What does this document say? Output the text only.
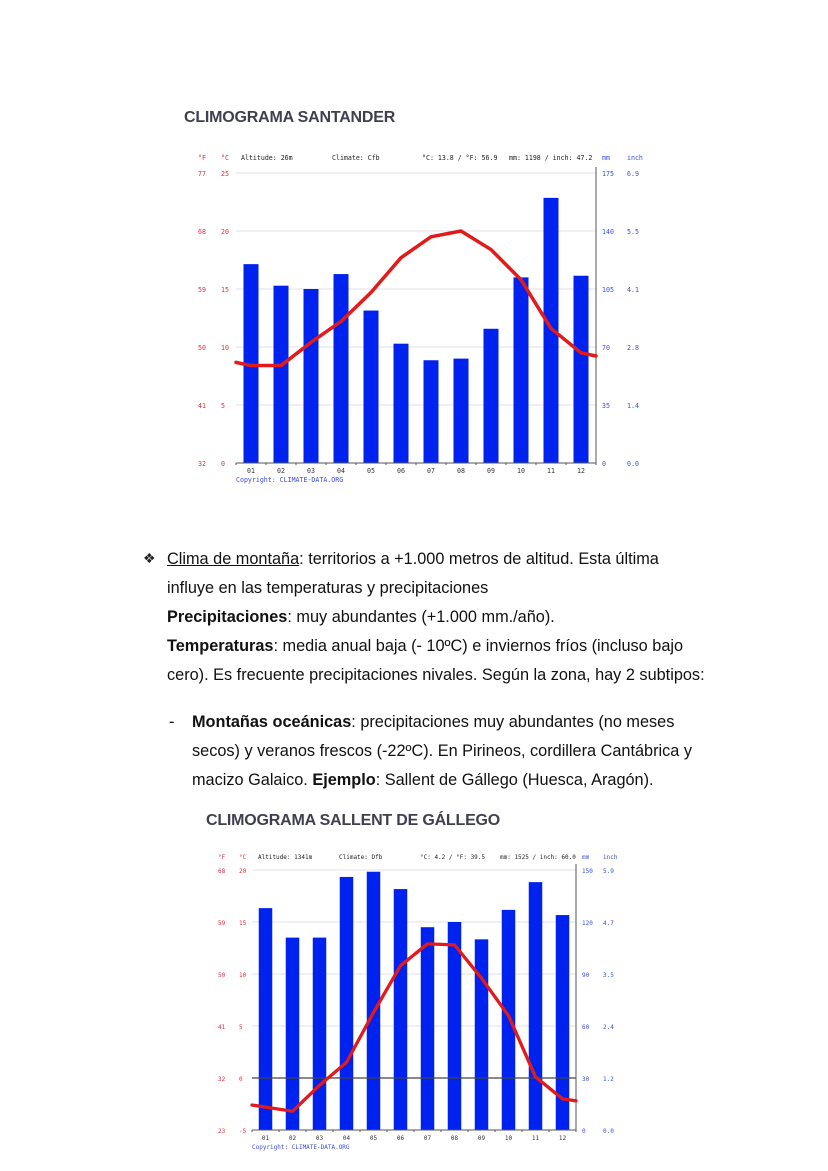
CLIMOGRAMA SANTANDER
°F °C Altitude: 26m	Climate: Cfb	°C: 13.8 / °F: 56.9 mm: 1198 / inch: 47.2 mm	inch
32 0
41 5
50 10
59 15
68 20
77 25
0	0.0
35	1.4
70	2.8
105 4.1
140 5.5
175 6.9
01	02	03	04	05	06	07	08	09	10	11	12
Copyright: CLIMATE-DATA.ORG
❖ Clima de montaña: territorios a +1.000 metros de altitud. Esta última
influye en las temperaturas y precipitaciones
Precipitaciones: muy abundantes (+1.000 mm./año).
Temperaturas: media anual baja (- 10ºC) e inviernos fríos (incluso bajo
cero). Es frecuente precipitaciones nivales. Según la zona, hay 2 subtipos:
- Montañas oceánicas: precipitaciones muy abundantes (no meses
secos) y veranos frescos (-22ºC). En Pirineos, cordillera Cantábrica y
macizo Galaico. Ejemplo: Sallent de Gállego (Huesca, Aragón).
CLIMOGRAMA SALLENT DE GÁLLEGO
°F °C Altitude: 1341m	Climate: Dfb	°C: 4.2 / °F: 39.5 mm: 1525 / inch: 60.0 mm inch
23 -5
32 0
41 5
50 10
59 15
68 20
0	0.0
30 1.2
60 2.4
90 3.5
120 4.7
150 5.9
01	02	03	04	05	06	07	08	09	10	11	12
Copyright: CLIMATE-DATA.ORG
